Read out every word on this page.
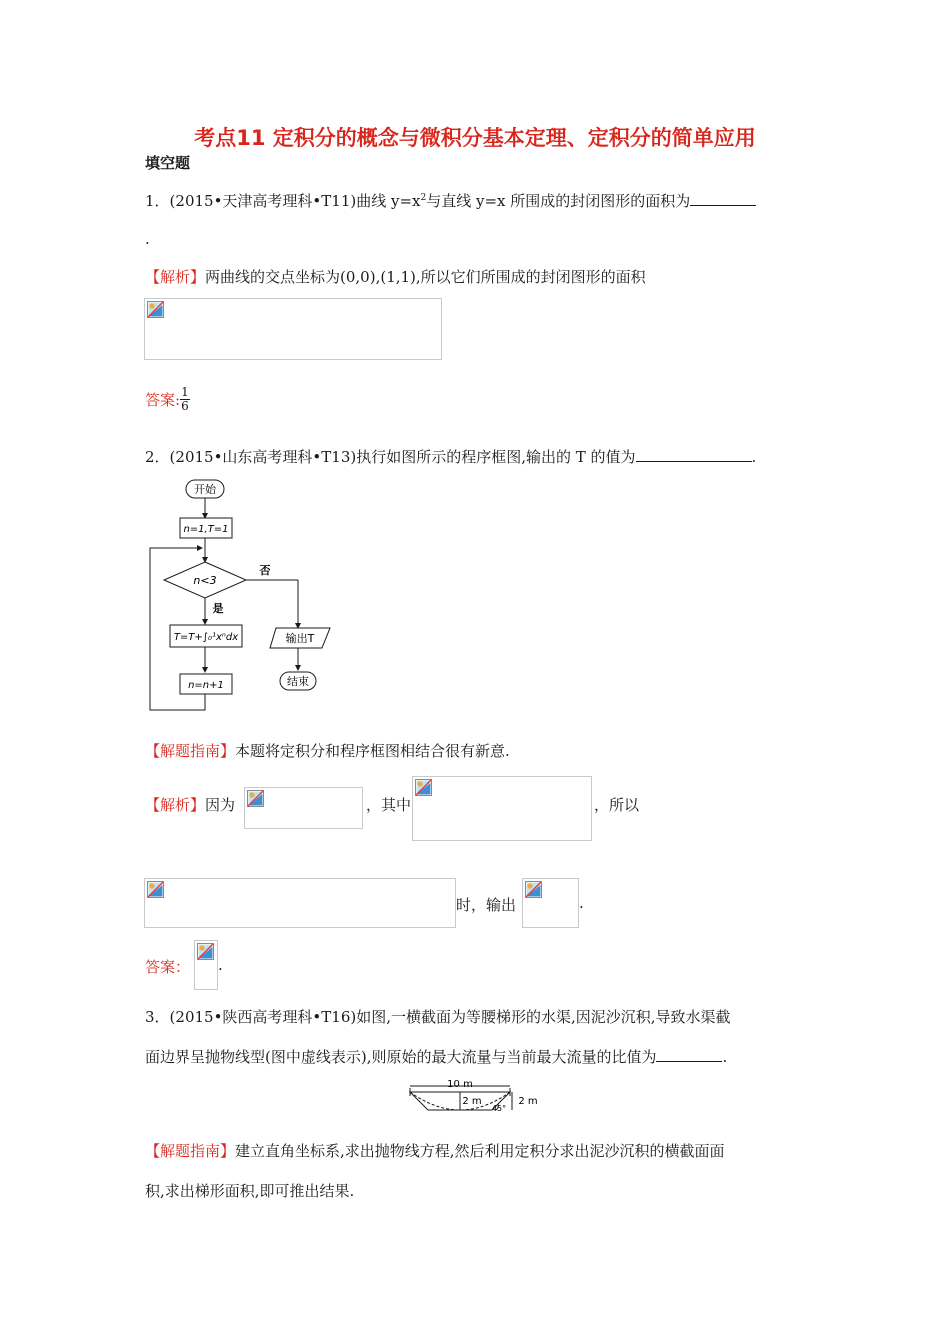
考点11 定积分的概念与微积分基本定理、定积分的简单应用
填空题
1．(2015•天津高考理科•T11)曲线 $y=x^2$与直线 y=x 所围成的封闭图形的面积为
.
【解析】两曲线的交点坐标为(0,0),(1,1),所以它们所围成的封闭图形的面积
答案: $\frac{1}{6}$
2．(2015•山东高考理科•T13)执行如图所示的程序框图,输出的 T 的值为	.
开始
n=1,T=1
n<3
否
是
T=T+∫₀¹xⁿdx	输出T
n=n+1	结束
【解题指南】本题将定积分和程序框图相结合很有新意.
【解析】因为	，其中	，所以
时，输出	.
答案： .
3．(2015•陕西高考理科•T16)如图,一横截面为等腰梯形的水渠,因泥沙沉积,导致水渠截
面边界呈抛物线型(图中虚线表示),则原始的最大流量与当前最大流量的比值为	.
10 m
2 m	2 m
45°
【解题指南】建立直角坐标系,求出抛物线方程,然后利用定积分求出泥沙沉积的横截面面
积,求出梯形面积,即可推出结果.
